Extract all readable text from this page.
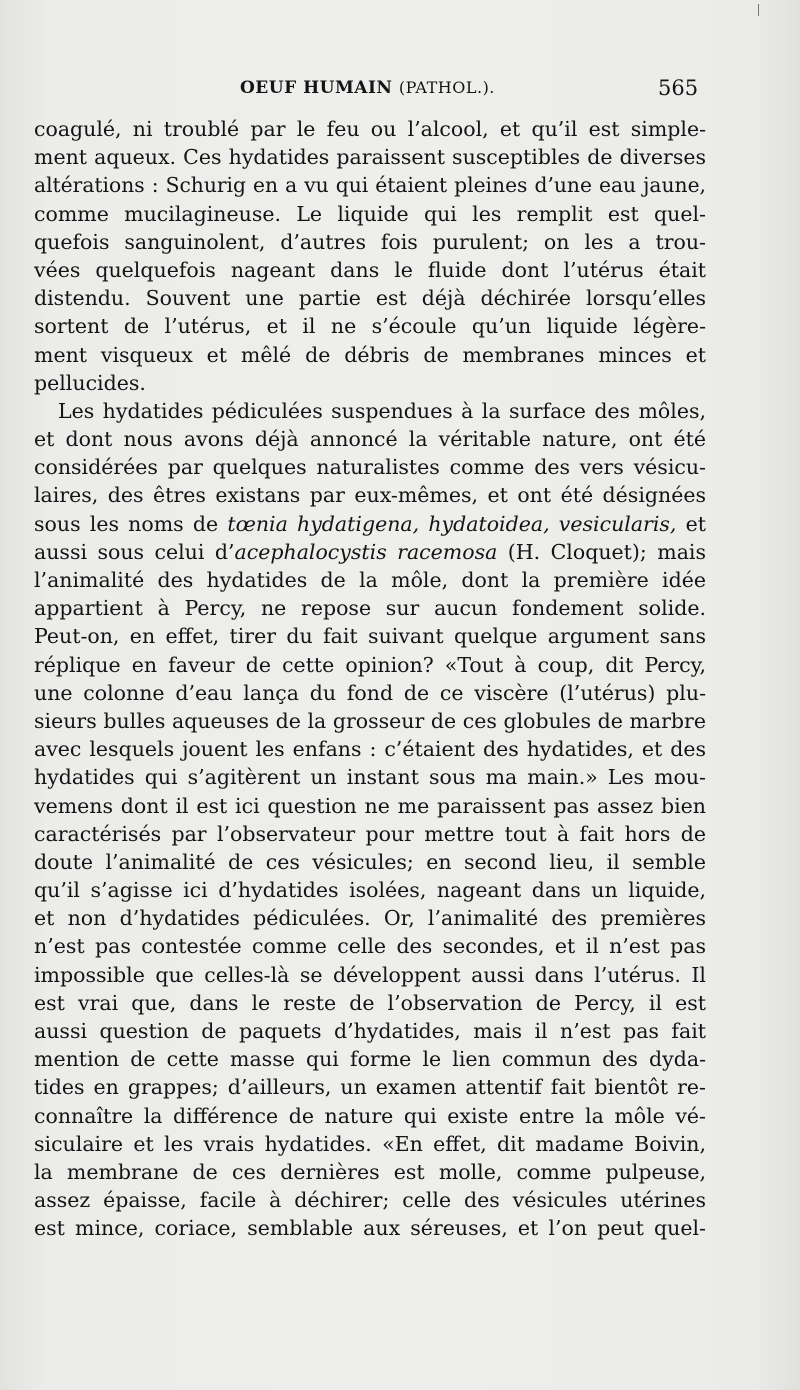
OEUF HUMAIN (PATHOL.).	565
coagulé, ni troublé par le feu ou l’alcool, et qu’il est simple-
ment aqueux. Ces hydatides paraissent susceptibles de diverses
altérations : Schurig en a vu qui étaient pleines d’une eau jaune,
comme mucilagineuse. Le liquide qui les remplit est quel-
quefois sanguinolent, d’autres fois purulent; on les a trou-
vées quelquefois nageant dans le fluide dont l’utérus était
distendu. Souvent une partie est déjà déchirée lorsqu’elles
sortent de l’utérus, et il ne s’écoule qu’un liquide légère-
ment visqueux et mêlé de débris de membranes minces et
pellucides.
Les hydatides pédiculées suspendues à la surface des môles,
et dont nous avons déjà annoncé la véritable nature, ont été
considérées par quelques naturalistes comme des vers vésicu-
laires, des êtres existans par eux-mêmes, et ont été désignées
sous les noms de tœnia hydatigena, hydatoidea, vesicularis, et
aussi sous celui d’acephalocystis racemosa (H. Cloquet); mais
l’animalité des hydatides de la môle, dont la première idée
appartient à Percy, ne repose sur aucun fondement solide.
Peut-on, en effet, tirer du fait suivant quelque argument sans
réplique en faveur de cette opinion? «Tout à coup, dit Percy,
une colonne d’eau lança du fond de ce viscère (l’utérus) plu-
sieurs bulles aqueuses de la grosseur de ces globules de marbre
avec lesquels jouent les enfans : c’étaient des hydatides, et des
hydatides qui s’agitèrent un instant sous ma main.» Les mou-
vemens dont il est ici question ne me paraissent pas assez bien
caractérisés par l’observateur pour mettre tout à fait hors de
doute l’animalité de ces vésicules; en second lieu, il semble
qu’il s’agisse ici d’hydatides isolées, nageant dans un liquide,
et non d’hydatides pédiculées. Or, l’animalité des premières
n’est pas contestée comme celle des secondes, et il n’est pas
impossible que celles-là se développent aussi dans l’utérus. Il
est vrai que, dans le reste de l’observation de Percy, il est
aussi question de paquets d’hydatides, mais il n’est pas fait
mention de cette masse qui forme le lien commun des dyda-
tides en grappes; d’ailleurs, un examen attentif fait bientôt re-
connaître la différence de nature qui existe entre la môle vé-
siculaire et les vrais hydatides. «En effet, dit madame Boivin,
la membrane de ces dernières est molle, comme pulpeuse,
assez épaisse, facile à déchirer; celle des vésicules utérines
est mince, coriace, semblable aux séreuses, et l’on peut quel-
